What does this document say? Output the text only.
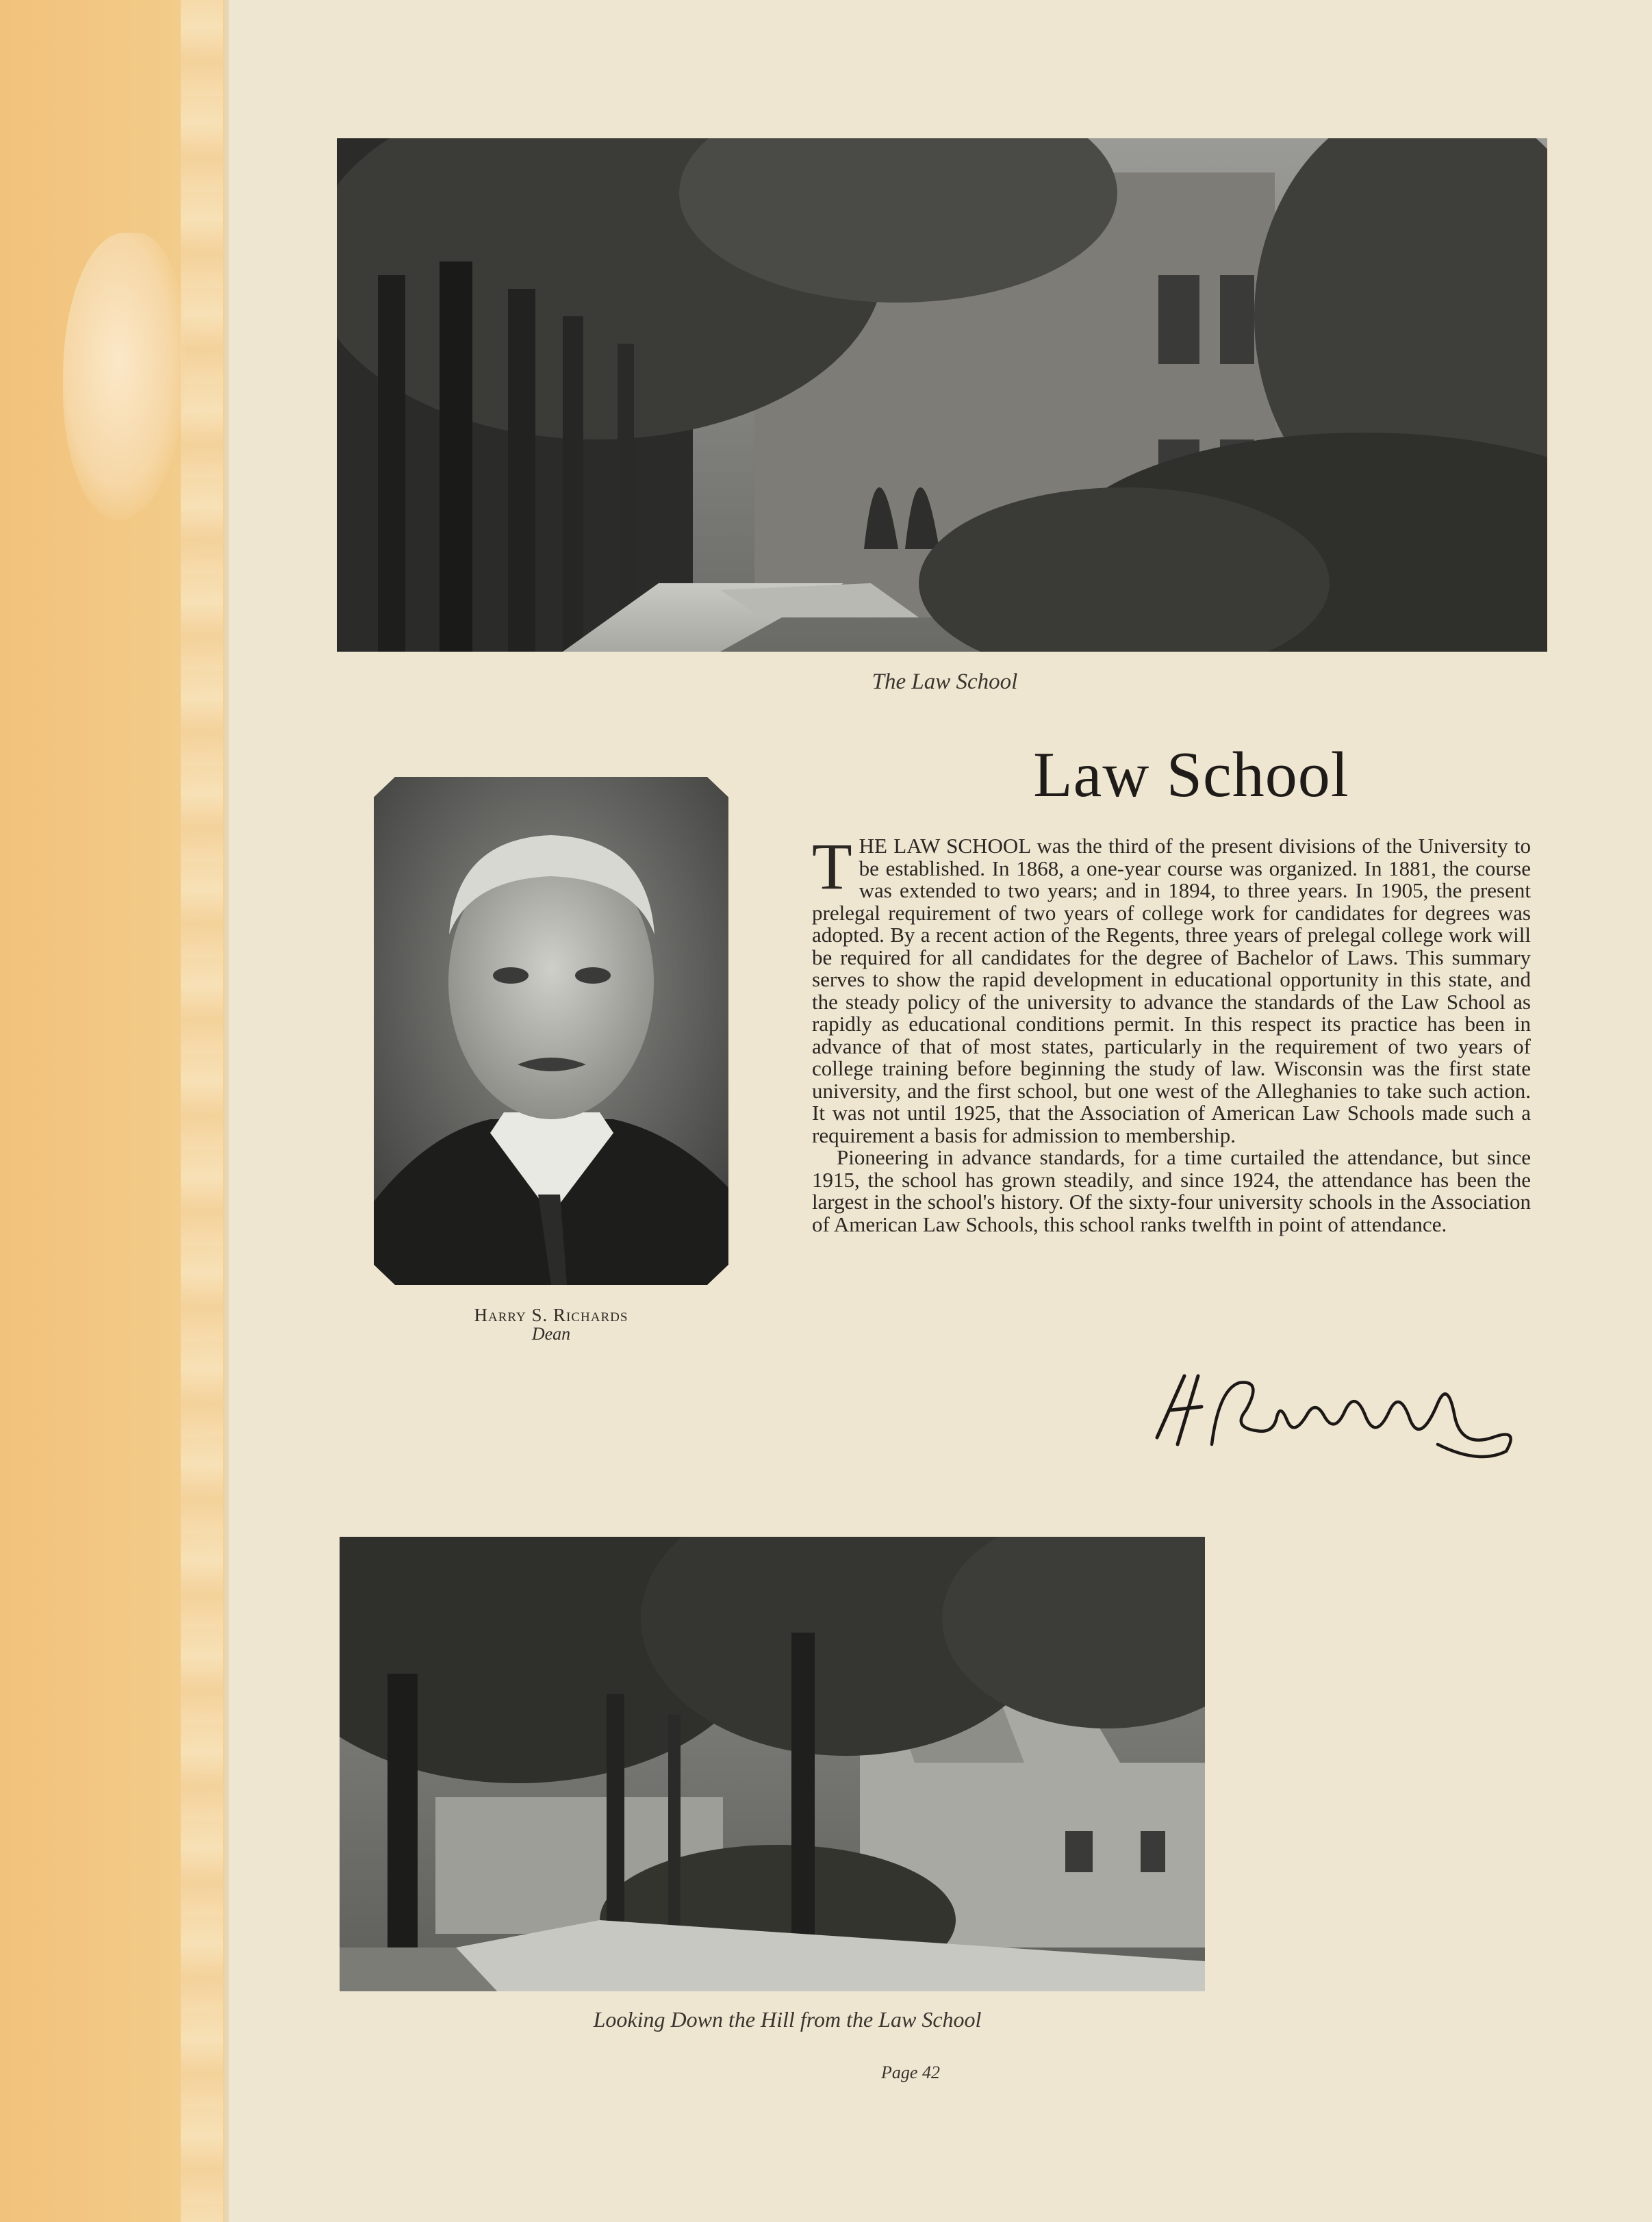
The Law School
Harry S. Richards
Dean
Law School

THE LAW SCHOOL was the third of the present divisions of the University to be established. In 1868, a one-year course was organized. In 1881, the course was extended to two years; and in 1894, to three years. In 1905, the present prelegal requirement of two years of college work for candidates for degrees was adopted. By a recent action of the Regents, three years of prelegal college work will be required for all candidates for the degree of Bachelor of Laws. This summary serves to show the rapid development in educational opportunity in this state, and the steady policy of the university to advance the standards of the Law School as rapidly as educational conditions permit. In this respect its practice has been in advance of that of most states, particularly in the requirement of two years of college training before beginning the study of law. Wisconsin was the first state university, and the first school, but one west of the Alleghanies to take such action. It was not until 1925, that the Association of American Law Schools made such a requirement a basis for admission to membership.

Pioneering in advance standards, for a time curtailed the attendance, but since 1915, the school has grown steadily, and since 1924, the attendance has been the largest in the school's history. Of the sixty-four university schools in the Association of American Law Schools, this school ranks twelfth in point of attendance.

Looking Down the Hill from the Law School
Page 42
